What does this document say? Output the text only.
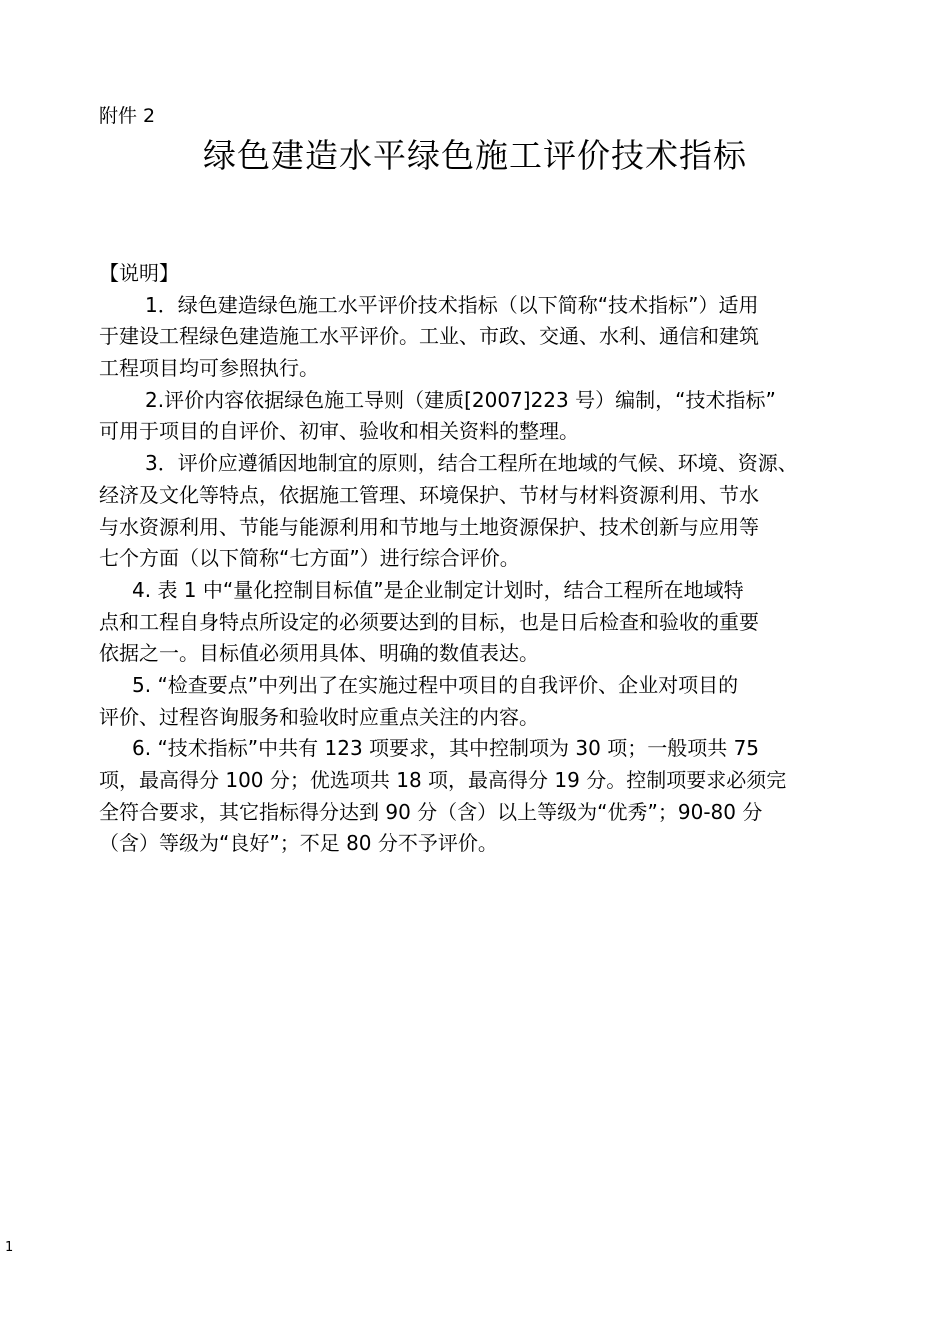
附件 2
绿色建造水平绿色施工评价技术指标
【说明】
1．绿色建造绿色施工水平评价技术指标（以下简称“技术指标”）适用
于建设工程绿色建造施工水平评价。工业、市政、交通、水利、通信和建筑
工程项目均可参照执行。
2.评价内容依据绿色施工导则（建质[2007]223 号）编制，“技术指标”
可用于项目的自评价、初审、验收和相关资料的整理。
3．评价应遵循因地制宜的原则，结合工程所在地域的气候、环境、资源、
经济及文化等特点，依据施工管理、环境保护、节材与材料资源利用、节水
与水资源利用、节能与能源利用和节地与土地资源保护、技术创新与应用等
七个方面（以下简称“七方面”）进行综合评价。
4. 表 1 中“量化控制目标值”是企业制定计划时，结合工程所在地域特
点和工程自身特点所设定的必须要达到的目标，也是日后检查和验收的重要
依据之一。目标值必须用具体、明确的数值表达。
5. “检查要点”中列出了在实施过程中项目的自我评价、企业对项目的
评价、过程咨询服务和验收时应重点关注的内容。
6. “技术指标”中共有 123 项要求，其中控制项为 30 项；一般项共 75
项，最高得分 100 分；优选项共 18 项，最高得分 19 分。控制项要求必须完
全符合要求，其它指标得分达到 90 分（含）以上等级为“优秀”；90-80 分
（含）等级为“良好”；不足 80 分不予评价。
1
